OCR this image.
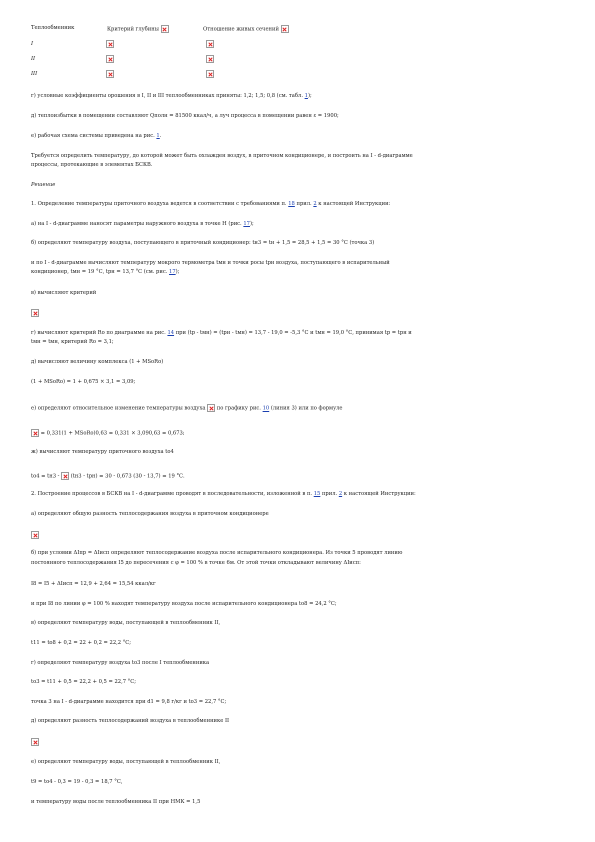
Теплообменник	Критерий глубины	Отношение живых сечений
I
II
III
г) условные коэффициенты орошения в I, II и III теплообменниках приняты: 1,2; 1,5; 0,8 (см. табл. 1);
д) теплоизбытки в помещении составляют Qполн = 81500 ккал/ч, а луч процесса в помещении равен ε = 1900;
е) рабочая схема системы приведена на рис. 1.
Требуется определить температуру, до которой может быть охлажден воздух, в приточном кондиционере, и построить на I - d-диаграмме
процессы, протекающие в элементах БСКВ.
Решение
1. Определение температуры приточного воздуха ведется в соответствии с требованиями п. 18 прил. 2 к настоящей Инструкции:
а) на I - d-диаграмме наносят параметры наружного воздуха в точке Н (рис. 17);
б) определяют температуру воздуха, поступающего в приточный кондиционер: tн3 = tн + 1,5 = 28,5 + 1,5 = 30 °С (точка 3)
и по I - d-диаграмме вычисляют температуру мокрого термометра tмн и точки росы tрн воздуха, поступающего в испарительный
кондиционер, tмн = 19 °С, tрн = 13,7 °С (см. рис. 17);
в) вычисляют критерий
г) вычисляют критерий Ro по диаграмме на рис. 14 при (tр - tмн) = (tрн - tмн) = 13,7 - 19,0 = -5,3 °С и tмн = 19,0 °С, принимая tр = tрн и
tмн = tмн, критерий Ro = 3,1;
д) вычисляют величину комплекса (1 + MSoRo)
(1 + MSoRo) = 1 + 0,675 × 3,1 = 3,09;
е) определяют относительное изменение температуры воздуха  по графику рис. 10 (линия 3) или по формуле
= 0,331(1 + MSoRo)0,63 = 0,331 × 3,090,63 = 0,673;
ж) вычисляют температуру приточного воздуха tо4
tо4 = tн3 -  (tн3 - tрн) = 30 - 0,673 (30 - 13,7) = 19 °С.
2. Построение процессов в БСКВ на I - d-диаграмме проводят в последовательности, изложенной в п. 15 прил. 2 к настоящей Инструкции:
а) определяют общую разность теплосодержания воздуха в приточном кондиционере
б) при условии ΔIпр = ΔIисп определяют теплосодержание воздуха после испарительного кондиционера. Из точки 5 проводят линию
постоянного теплосодержания I5 до пересечения с φ = 100 % в точке 6м. От этой точки откладывают величину ΔIисп:
I8 = I5 + ΔIисп = 12,9 + 2,64 = 15,54 ккал/кг
и при I8 по линии φ = 100 % находят температуру воздуха после испарительного кондиционера tо8 = 24,2 °С;
в) определяют температуру воды, поступающей в теплообменник II,
t11 = tо8 + 0,2 = 22 + 0,2 = 22,2 °С;
г) определяют температуру воздуха tо3 после I теплообменника
tо3 = t11 + 0,5 = 22,2 + 0,5 = 22,7 °С;
точка 3 на I - d-диаграмме находится при d1 = 9,8 г/кг и tо3 = 22,7 °С;
д) определяют разность теплосодержаний воздуха в теплообменнике II
е) определяют температуру воды, поступающей в теплообменник II,
t9 = tо4 - 0,3 = 19 - 0,3 = 18,7 °С,
и температуру воды после теплообменника II при НМК = 1,5
